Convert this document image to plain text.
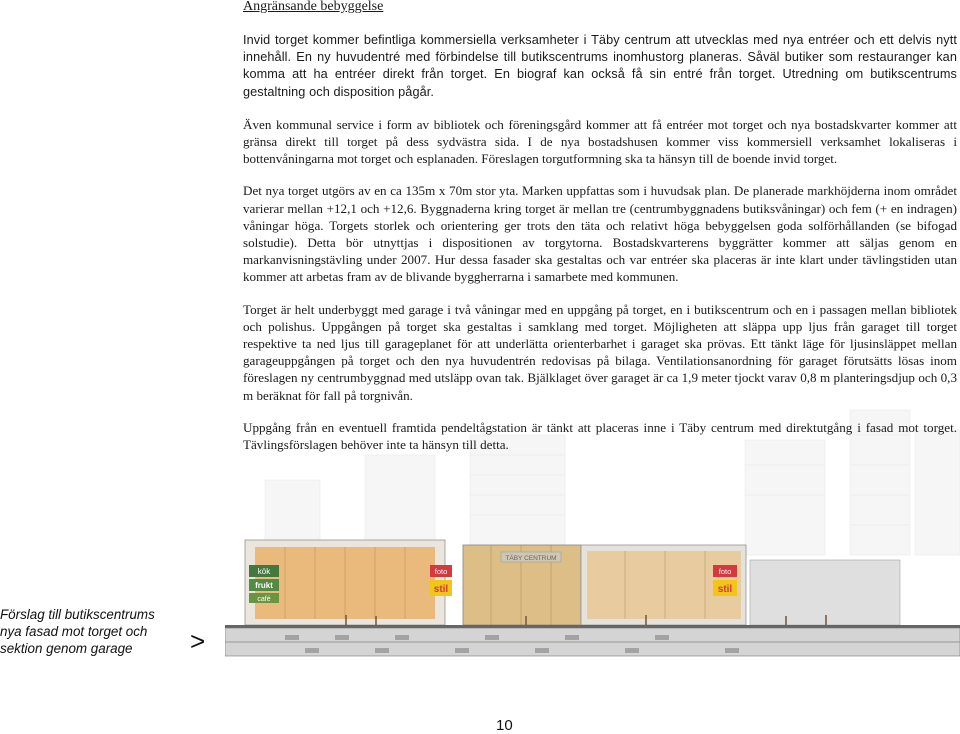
Angränsande bebyggelse
TÄBY CENTRUM
kök
frukt
café
foto
stil
foto
stil

Invid torget kommer befintliga kommersiella verksamheter i Täby centrum att utvecklas med nya entréer och ett delvis nytt innehåll. En ny huvudentré med förbindelse till butikscentrums inomhustorg planeras. Såväl butiker som restauranger kan komma att ha entréer direkt från torget. En biograf kan också få sin entré från torget. Utredning om butikscentrums gestaltning och disposition pågår.

Även kommunal service i form av bibliotek och föreningsgård kommer att få entréer mot torget och nya bostadskvarter kommer att gränsa direkt till torget på dess sydvästra sida. I de nya bostadshusen kommer viss kommersiell verksamhet lokaliseras i bottenvåningarna mot torget och esplanaden. Föreslagen torgutformning ska ta hänsyn till de boende invid torget.

Det nya torget utgörs av en ca 135m x 70m stor yta. Marken uppfattas som i huvudsak plan. De planerade markhöjderna inom området varierar mellan +12,1 och +12,6. Byggnaderna kring torget är mellan tre (centrumbyggnadens butiksvåningar) och fem (+ en indragen) våningar höga. Torgets storlek och orientering ger trots den täta och relativt höga bebyggelsen goda solförhållanden (se bifogad solstudie). Detta bör utnyttjas i dispositionen av torgytorna. Bostadskvarterens byggrätter kommer att säljas genom en markanvisningstävling under 2007. Hur dessa fasader ska gestaltas och var entréer ska placeras är inte klart under tävlingstiden utan kommer att arbetas fram av de blivande byggherrarna i samarbete med kommunen.

Torget är helt underbyggt med garage i två våningar med en uppgång på torget, en i butikscentrum och en i passagen mellan bibliotek och polishus. Uppgången på torget ska gestaltas i samklang med torget. Möjligheten att släppa upp ljus från garaget till torget respektive ta ned ljus till garageplanet för att underlätta orienterbarhet i garaget ska prövas. Ett tänkt läge för ljusinsläppet mellan garageuppgången på torget och den nya huvudentrén redovisas på bilaga. Ventilationsanordning för garaget förutsätts lösas inom föreslagen ny centrumbyggnad med utsläpp ovan tak. Bjälklaget över garaget är ca 1,9 meter tjockt varav 0,8 m planteringsdjup och 0,3 m beräknat för fall på torgnivån.

Uppgång från en eventuell framtida pendeltågstation är tänkt att placeras inne i Täby centrum med direktutgång i fasad mot torget. Tävlingsförslagen behöver inte ta hänsyn till detta.

Förslag till butikscentrums nya fasad mot torget och sektion genom garage	>
10
